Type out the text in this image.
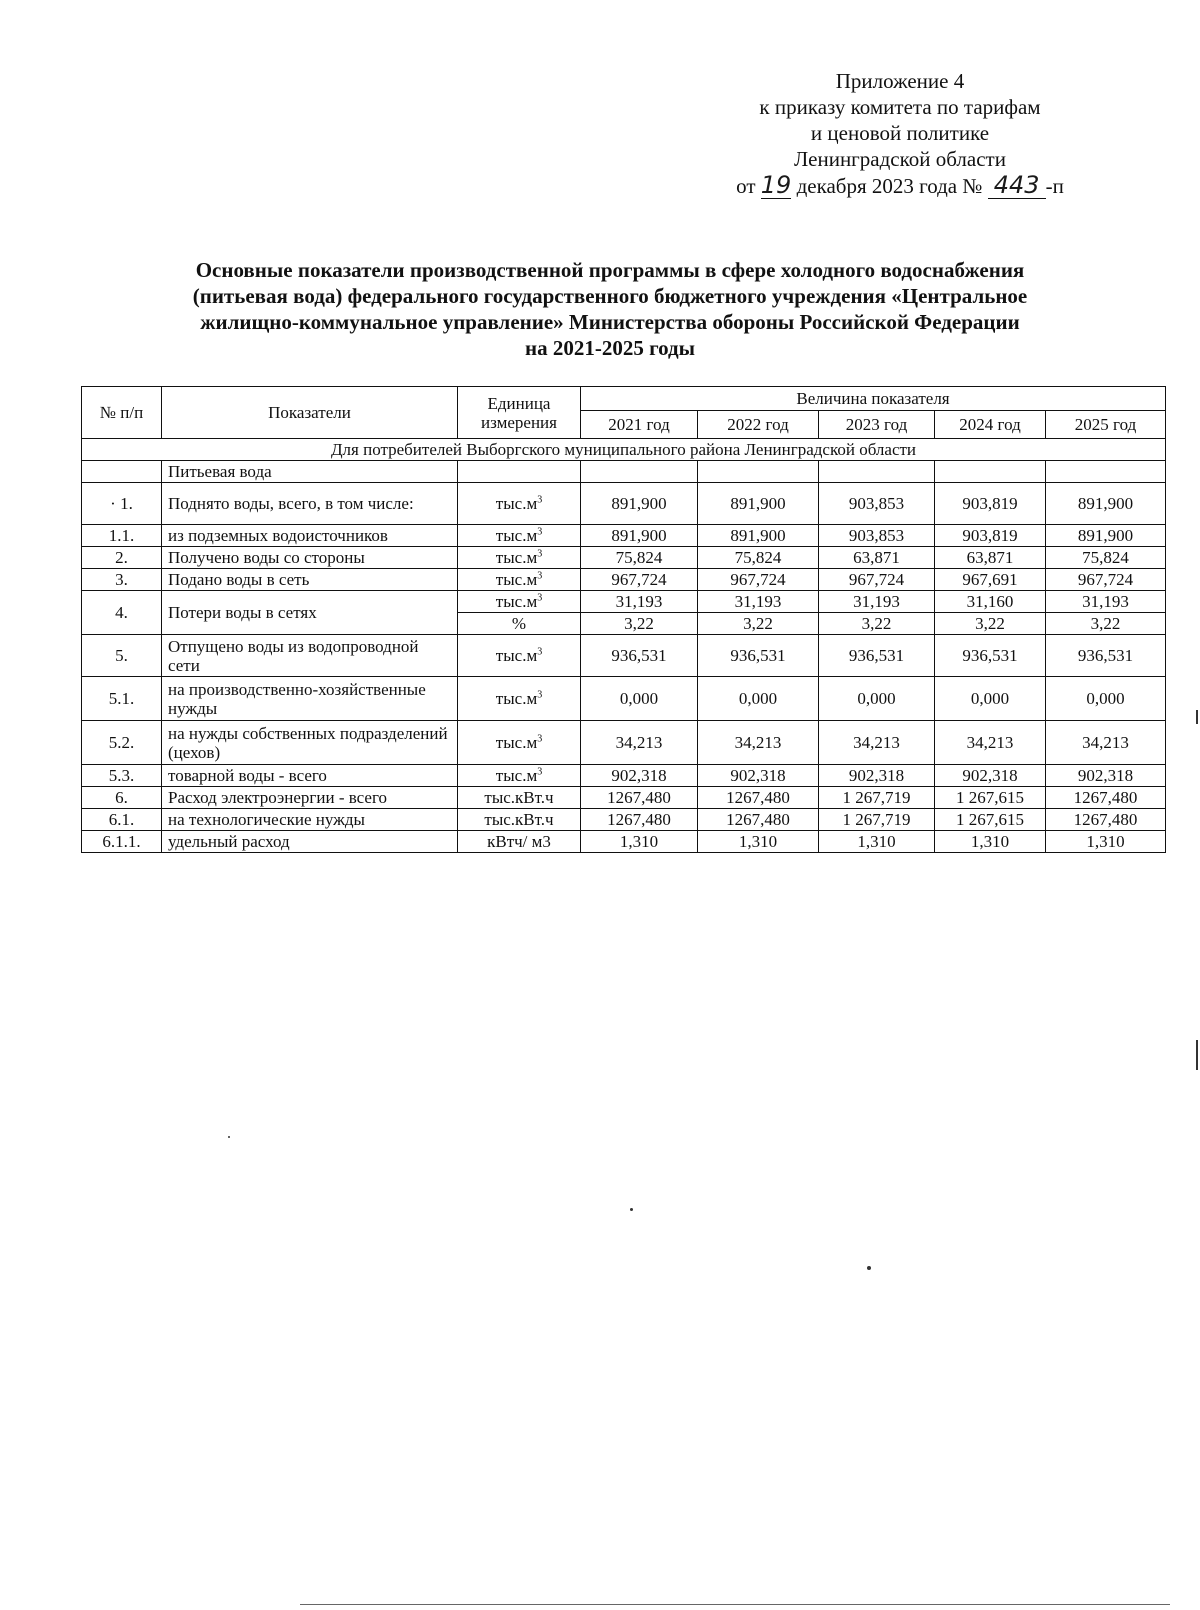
Приложение 4
к приказу комитета по тарифам
и ценовой политике
Ленинградской области
от 19 декабря 2023 года № 443 -п
Основные показатели производственной программы в сфере холодного водоснабжения
(питьевая вода) федерального государственного бюджетного учреждения «Центральное
жилищно-коммунальное управление» Министерства обороны Российской Федерации
на 2021-2025 годы
№ п/п	Показатели	Единица измерения	Величина показателя				
			2021 год	2022 год	2023 год	2024 год	2025 год
Для потребителей Выборгского муниципального района Ленинградской области							
	Питьевая вода						
· 1.	Поднято воды, всего, в том числе:	$тыс.м^3$	891,900	891,900	903,853	903,819	891,900
1.1.	из подземных водоисточников	$тыс.м^3$	891,900	891,900	903,853	903,819	891,900
2.	Получено воды со стороны	$тыс.м^3$	75,824	75,824	63,871	63,871	75,824
3.	Подано воды в сеть	$тыс.м^3$	967,724	967,724	967,724	967,691	967,724
4.	Потери воды в сетях	$тыс.м^3$	31,193	31,193	31,193	31,160	31,193
		%	3,22	3,22	3,22	3,22	3,22
5.	Отпущено воды из водопроводной сети	$тыс.м^3$	936,531	936,531	936,531	936,531	936,531
5.1.	на производственно-хозяйственные нужды	$тыс.м^3$	0,000	0,000	0,000	0,000	0,000
5.2.	на нужды собственных подразделений (цехов)	$тыс.м^3$	34,213	34,213	34,213	34,213	34,213
5.3.	товарной воды - всего	$тыс.м^3$	902,318	902,318	902,318	902,318	902,318
6.	Расход электроэнергии - всего	тыс.кВт.ч	1267,480	1267,480	1 267,719	1 267,615	1267,480
6.1.	на технологические нужды	тыс.кВт.ч	1267,480	1267,480	1 267,719	1 267,615	1267,480
6.1.1.	удельный расход	кВтч/ м3	1,310	1,310	1,310	1,310	1,310
